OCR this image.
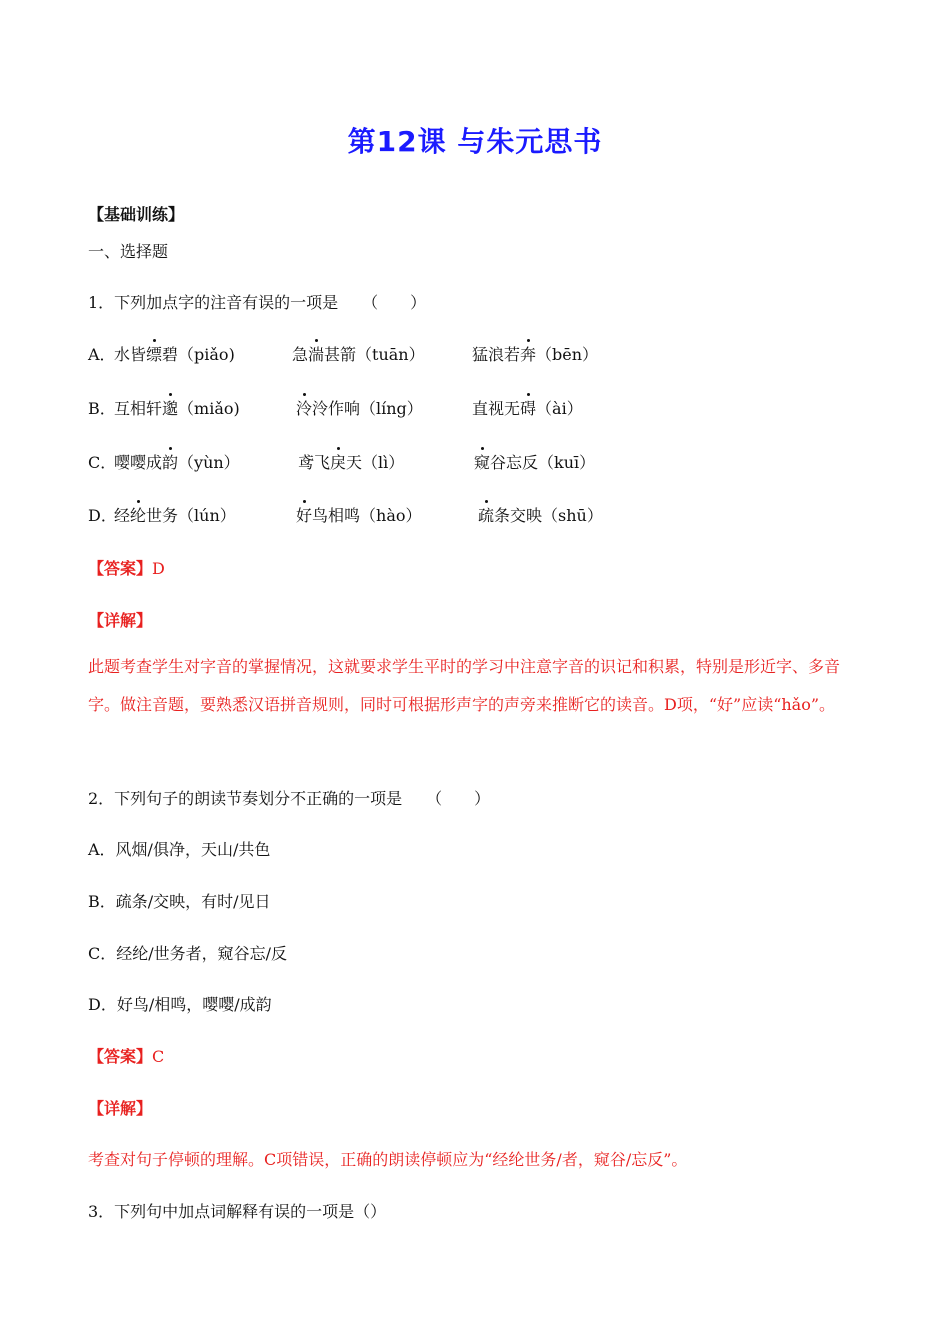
第12课 与朱元思书
【基础训练】
一、选择题
1．下列加点字的注音有误的一项是　　（　　）
A．
水皆缥碧（piǎo)	急湍甚箭（tuān）	猛浪若奔（bēn）
B．
互相轩邈（miǎo)	泠泠作响（líng）	直视无碍（ài）
C．
嘤嘤成韵（yùn）	鸢飞戾天（lì）	窥谷忘反（kuī）
D．
经纶世务（lún）	好鸟相鸣（hào）	疏条交映（shū）
【答案】D
【详解】
此题考查学生对字音的掌握情况，这就要求学生平时的学习中注意字音的识记和积累，特别是形近字、多音字。做注音题，要熟悉汉语拼音规则，同时可根据形声字的声旁来推断它的读音。D项，“好”应读“hǎo”。
2．下列句子的朗读节奏划分不正确的一项是　　（　　）
A．风烟/俱净，天山/共色
B．疏条/交映，有时/见日
C．经纶/世务者，窥谷忘/反
D．好鸟/相鸣，嘤嘤/成韵
【答案】C
【详解】
考查对句子停顿的理解。C项错误，正确的朗读停顿应为“经纶世务/者，窥谷/忘反”。
3．下列句中加点词解释有误的一项是（）
